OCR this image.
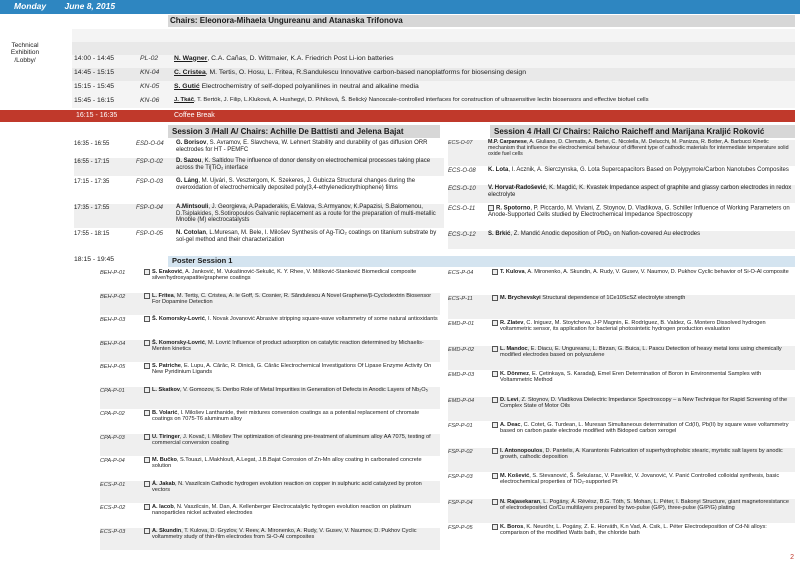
Monday June 8, 2015
Technical Exhibition /Lobby/
Chairs: Eleonora-Mihaela Ungureanu and Atanaska Trifonova
14:00 - 14:45	PL-02	N. Wagner, C.A. Cañas, D. Wittmaier, K.A. Friedrich Post Li-ion batteries
14:45 - 15:15	KN-04	C. Cristea, M. Tertis, O. Hosu, L. Fritea, R.Sandulescu Innovative carbon-based nanoplatforms for biosensing design
15:15 - 15:45	KN-05	S. Gutić Electrochemistry of self-doped polyanilines in neutral and alkaline media
15:45 - 16:15	KN-06	J. Tkáč, T. Bertók, J. Filip, L.Kluková, A. Hushegyi, D. Pihíková, Š. Belický Nanoscale-controlled interfaces for construction of ultrasensitive lectin biosensors and effective biofuel cells
16:15 - 16:35	Coffee Break
Session 3 /Hall A/ Chairs: Achille De Battisti and Jelena Bajat	Session 4 /Hall C/ Chairs: Raicho Raicheff and Marijana Kraljić Roković
16:35 - 16:55	ESD-O-04	G. Borisov, S. Avramov, E. Slavcheva, W. Lehnert Stability and durability of gas diffusion ORR electrodes for HT - PEMFC
16:55 - 17:15	FSP-O-02	D. Sazou, K. Saltidou The influence of donor density on electrochemical processes taking place across the Ti|TiO₂ interface
17:15 - 17:35	FSP-O-03	G. Láng, M. Ujvári, S. Vesztergom, K. Szekeres, J. Gubicza Structural changes during the overoxidation of electrochemically deposited poly(3,4-ethylenedioxythiophene) films
17:35 - 17:55	FSP-O-04	A.Mintsouli, J. Georgieva, A.Papaderakis, E.Valova, S.Armyanov, K.Papazisi, S.Balomenou, D.Tsiplakides, S.Sotiropoulos Galvanic replacement as a route for the preparation of multi-metallic Mnoble (M) electrocatalysts
17:55 - 18:15	FSP-O-05	N. Cotolan, L.Muresan, M. Bele, I. Milošev Synthesis of Ag-TiO₂ coatings on titanium substrate by sol-gel method and their characterization
ECS-O-07	M.P. Carpanese, A. Giuliano, D. Clematis, A. Bertei, C. Nicolella, M. Delucchi, M. Panizza, R. Botter, A. Barbucci Kinetic mechanism that influence the electrochemical behaviour of different type of cathodic materials for intermediate temperature solid oxide fuel cells
ECS-O-08	K. Lota, I. Acznik, A. Sierczynska, G. Lota Supercapacitors Based on Polypyrrole/Carbon Nanotubes Composites
ECS-O-10	V. Horvat-Radošević, K. Magdić, K. Kvastek Impedance aspect of graphite and glassy carbon electrodes in redox electrolyte
ECS-O-11	R. Spotorno, P. Piccardo, M. Viviani, Z. Stoynov, D. Vladikova, G. Schiller Influence of Working Parameters on Anode-Supported Cells studied by Electrochemical Impedance Spectroscopy
ECS-O-12	S. Brkić, Z. Mandić Anodic deposition of PbO₂ on Nafion-covered Au electrodes
18:15 - 19:45	Poster Session 1
BEH-P-01	S. Eraković, A. Janković, M. Vukašinović-Sekulić, K. Y. Rhee, V. Mišković-Stanković Biomedical composite silver/hydroxyapatite/graphene coatings
BEH-P-02	L. Fritea, M. Tertiş, C. Cristea, A. le Goff, S. Cosnier, R. Săndulescu A Novel Graphene/β-Cyclodextrin Biosensor For Dopamine Detection
BEH-P-03	Š. Komorsky-Lovrić, I. Novak Jovanović Abrasive stripping square-wave voltammetry of some natural antioxidants
BEH-P-04	Š. Komorsky-Lovrić, M. Lovrić Influence of product adsorption on catalytic reaction determined by Michaelis-Menten kinetics
BEH-P-05	S. Patriche, E. Lupu, A. Cârâc, R. Dinică, G. Cârâc Electrochemical Investigations Of Lipase Enzyme Activity On New Pyridinium Ligands
CPA-P-01	L. Skatkov, V. Gomozov, S. Deribo Role of Metal Impurities in Generation of Defects in Anodic Layers of Nb₂O₅
CPA-P-02	B. Volarić, I. Milošev Lanthanide, their mixtures conversion coatings as a potential replacement of chromate coatings on 7075-T6 aluminum alloy
CPA-P-03	U. Tiringer, J. Kovač, I. Milošev The optimization of cleaning pre-treatment of aluminum alloy AA 7075, testing of commercial conversion coating
CPA-P-04	M. Bučko, S.Touazi, L.Makhloufi, A.Legat, J.B.Bajat Corrosion of Zn-Mn alloy coating in carbonated concrete solution
ECS-P-01	Á. Jakab, N. Vaszilcsin Cathodic hydrogen evolution reaction on copper in sulphuric acid catalyzed by proton vectors
ECS-P-02	A. Iacob, N. Vaszilcsin, M. Dan, A. Kellenberger Electrocatalytic hydrogen evolution reaction on platinum nanoparticles nickel activated electrodes
ECS-P-03	A. Skundin, T. Kulova, D. Gryzlov, V. Reev, A. Mironenko, A. Rudy, V. Gusev, V. Naumov, D. Pukhov Cyclic voltammetry study of thin-film electrodes from Si-O-Al composites
ECS-P-04	T. Kulova, A. Mironenko, A. Skundin, A. Rudy, V. Gusev, V. Naumov, D. Pukhov Cyclic behavior of Si-O-Al composite
ECS-P-11	M. Brychevskyi Structural dependence of 1Ce10ScSZ electrolyte strength
EMD-P-01	R. Zlatev, C. Iniguez, M. Stoytcheva, J-P Magnin, E. Rodríguez, B. Valdez, G. Montero Dissolved hydrogen voltammetric sensor, its application for bacterial photosintetic hydrogen production evaluation
EMD-P-02	L. Mandoc, E. Diacu, E. Ungureanu, L. Birzan, G. Buica, L. Pascu Detection of heavy metal ions using chemically modified electrodes based on polyazulene
EMD-P-03	K. Dönmez, E. Çetinkaya, S. Karadağ, Emel Eren Determination of Boron in Environmental Samples with Voltammetric Method
EMD-P-04	D. Levi, Z. Stoynov, D. Vladikova Dielectric Impedance Spectroscopy – a New Technique for Rapid Screening of the Complex State of Motor Oils
FSP-P-01	A. Deac, C. Cotet, G. Turdean, L. Muresan Simultaneous determination of Cd(II), Pb(II) by square wave voltammetry based on carbon paste electrode modified with Bidoped carbon xerogel
FSP-P-02	I. Antonopoulos, D. Pantelis, A. Karantonis Fabrication of superhydrophobic stearic, myristic salt layers by anodic growth, cathodic deposition
FSP-P-03	M. Košević, S. Stevanović, Š. Šekularac, V. Pavelkić, V. Jovanović, V. Panić Controlled colloidal synthesis, basic electrochemical properties of TiO₂-supported Pt
FSP-P-04	N. Rajasekaran, L. Pogány, Á. Révész, B.G. Tóth, S. Mohan, L. Péter, I. Bakonyi Structure, giant magnetoresistance of electrodeposited Co/Cu multilayers prepared by two-pulse (G/P), three-pulse (G/P/G) plating
FSP-P-05	K. Boros, K. Neuróhr, L. Pogány, Z. E. Horváth, K.n Vad, A. Csik, L. Péter Electrodeposition of Cd-Ni alloys: comparison of the modified Watts bath, the chloride bath
2
